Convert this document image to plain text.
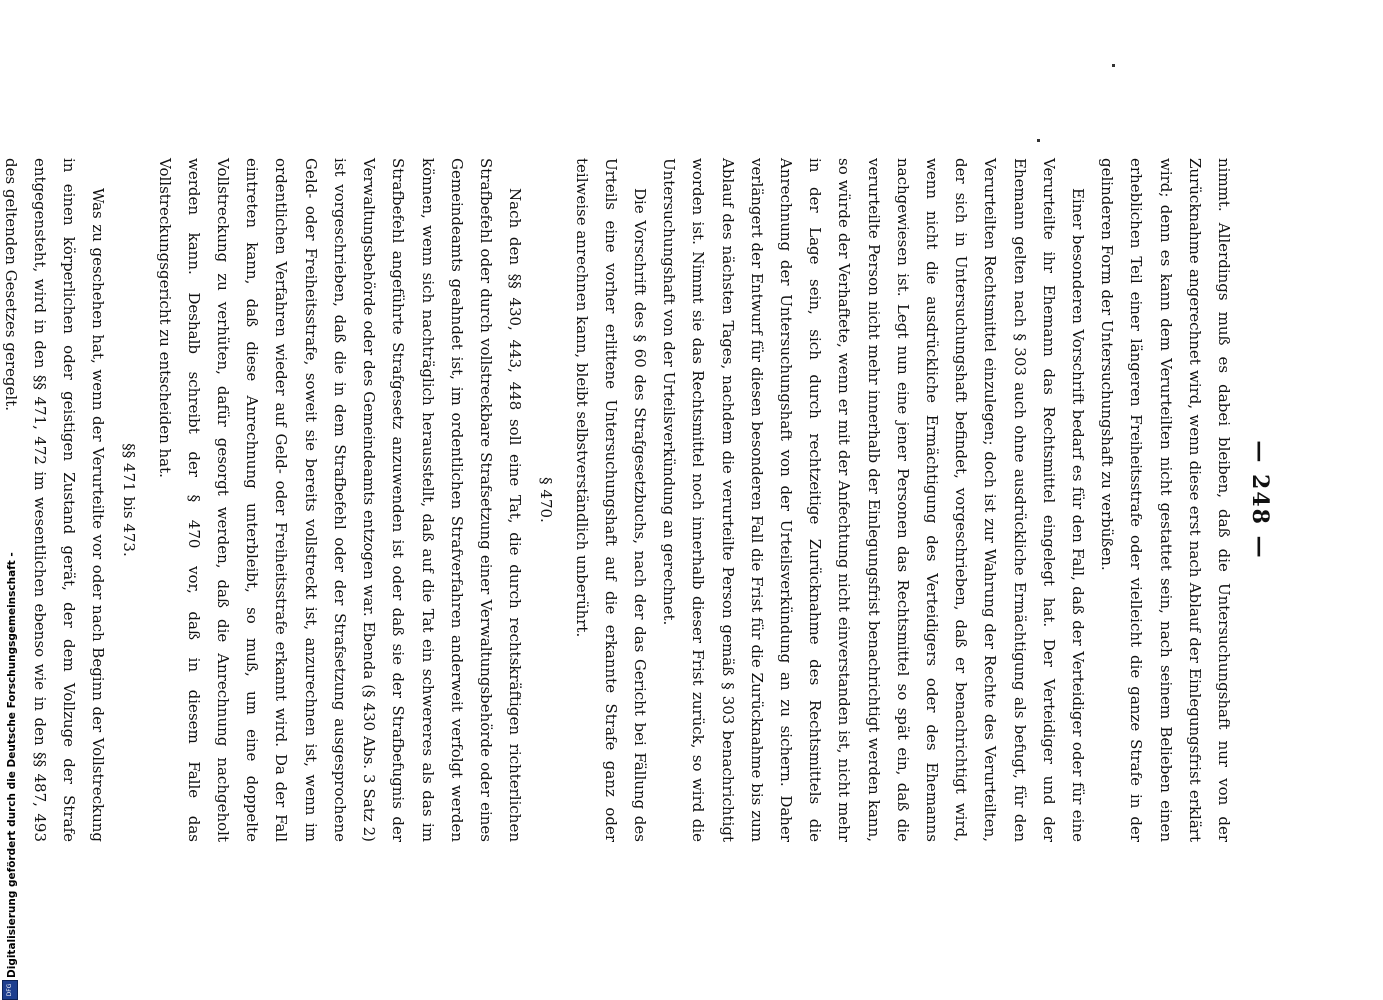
— 248 —

nimmt. Allerdings muß es dabei bleiben, daß die Untersuchungshaft nur von der Zurücknahme angerechnet wird, wenn diese erst nach Ablauf der Einlegungsfrist erklärt wird; denn es kann dem Verurteilten nicht gestattet sein, nach seinem Belieben einen erheblichen Teil einer längeren Freiheitsstrafe oder vielleicht die ganze Strafe in der gelinderen Form der Untersuchungshaft zu verbüßen.

Einer besonderen Vorschrift bedarf es für den Fall, daß der Verteidiger oder für eine Verurteilte ihr Ehemann das Rechtsmittel eingelegt hat. Der Verteidiger und der Ehemann gelten nach § 303 auch ohne ausdrückliche Ermächtigung als befugt, für den Verurteilten Rechtsmittel einzulegen; doch ist zur Wahrung der Rechte des Verurteilten, der sich in Untersuchungshaft befindet, vorgeschrieben, daß er benachrichtigt wird, wenn nicht die ausdrückliche Ermächtigung des Verteidigers oder des Ehemanns nachgewiesen ist. Legt nun eine jener Personen das Rechtsmittel so spät ein, daß die verurteilte Person nicht mehr innerhalb der Einlegungsfrist benachrichtigt werden kann, so würde der Verhaftete, wenn er mit der Anfechtung nicht einverstanden ist, nicht mehr in der Lage sein, sich durch rechtzeitige Zurücknahme des Rechtsmittels die Anrechnung der Untersuchungshaft von der Urteilsverkündung an zu sichern. Daher verlängert der Entwurf für diesen besonderen Fall die Frist für die Zurücknahme bis zum Ablauf des nächsten Tages, nachdem die verurteilte Person gemäß § 303 benachrichtigt worden ist. Nimmt sie das Rechtsmittel noch innerhalb dieser Frist zurück, so wird die Untersuchungshaft von der Urteilsverkündung an gerechnet.

Die Vorschrift des § 60 des Strafgesetzbuchs, nach der das Gericht bei Fällung des Urteils eine vorher erlittene Untersuchungshaft auf die erkannte Strafe ganz oder teilweise anrechnen kann, bleibt selbstverständlich unberührt.

§ 470.

Nach den §§ 430, 443, 448 soll eine Tat, die durch rechtskräftigen richterlichen Strafbefehl oder durch vollstreckbare Strafsetzung einer Verwaltungsbehörde oder eines Gemeindeamts geahndet ist, im ordentlichen Strafverfahren anderweit verfolgt werden können, wenn sich nachträglich herausstellt, daß auf die Tat ein schwereres als das im Strafbefehl angeführte Strafgesetz anzuwenden ist oder daß sie der Strafbefugnis der Verwaltungsbehörde oder des Gemeindeamts entzogen war. Ebenda (§ 430 Abs. 3 Satz 2) ist vorgeschrieben, daß die in dem Strafbefehl oder der Strafsetzung ausgesprochene Geld- oder Freiheitsstrafe, soweit sie bereits vollstreckt ist, anzurechnen ist, wenn im ordentlichen Verfahren wieder auf Geld- oder Freiheitsstrafe erkannt wird. Da der Fall eintreten kann, daß diese Anrechnung unterbleibt, so muß, um eine doppelte Vollstreckung zu verhüten, dafür gesorgt werden, daß die Anrechnung nachgeholt werden kann. Deshalb schreibt der § 470 vor, daß in diesem Falle das Vollstreckungsgericht zu entscheiden hat.

§§ 471 bis 473.

Was zu geschehen hat, wenn der Verurteilte vor oder nach Beginn der Vollstreckung in einen körperlichen oder geistigen Zustand gerät, der dem Vollzuge der Strafe entgegensteht, wird in den §§ 471, 472 im wesentlichen ebenso wie in den §§ 487, 493 des geltenden Gesetzes geregelt.

DFG
Digitalisierung gefördert durch die Deutsche Forschungsgemeinschaft -
